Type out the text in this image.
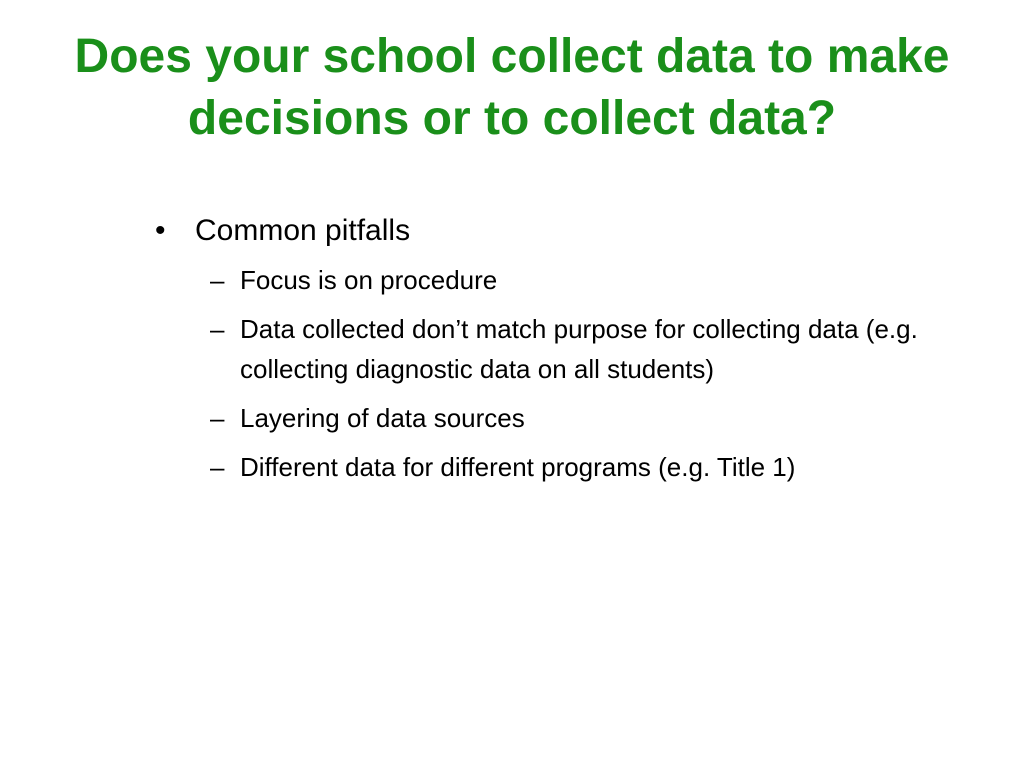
Does your school collect data to make decisions or to collect data?
• Common pitfalls
– Focus is on procedure
– Data collected don’t match purpose for collecting data (e.g. collecting diagnostic data on all students)
– Layering of data sources
– Different data for different programs (e.g. Title 1)
